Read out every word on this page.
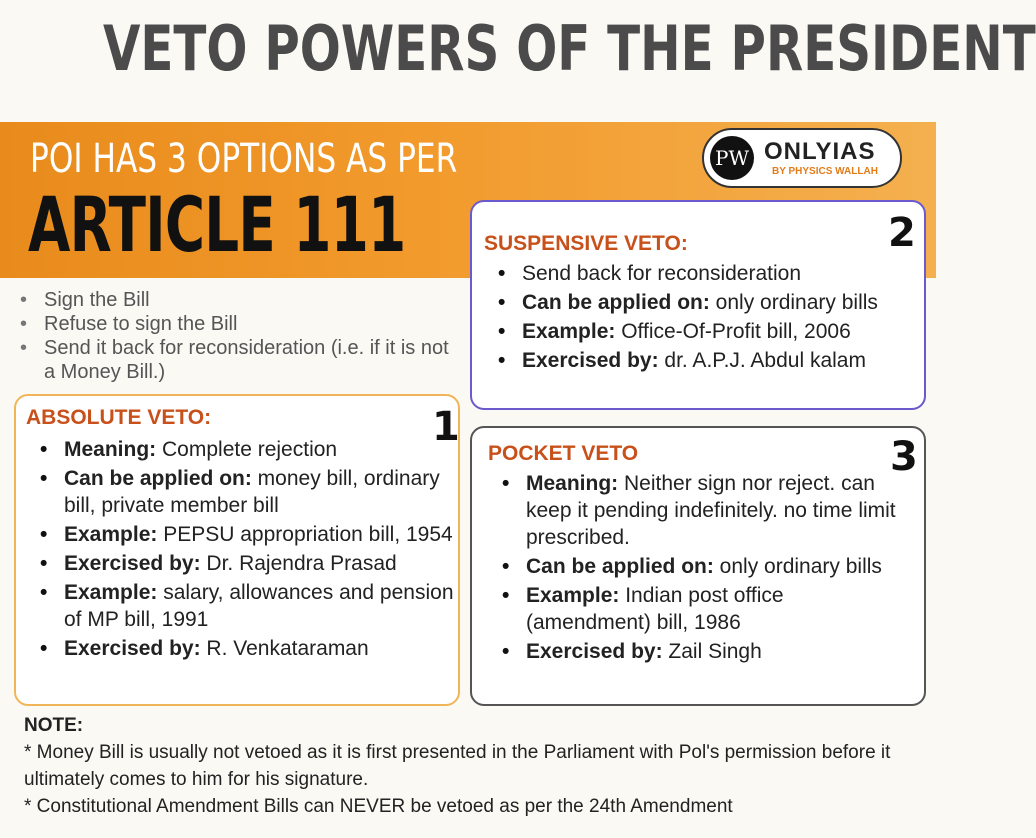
VETO POWERS OF THE PRESIDENT
POI HAS 3 OPTIONS AS PER
ARTICLE 111
PW ONLYIAS
BY PHYSICS WALLAH
• Sign the Bill
• Refuse to sign the Bill
• Send it back for reconsideration (i.e. if it is not a Money Bill.)
SUSPENSIVE VETO:	2
• Send back for reconsideration
• Can be applied on: only ordinary bills
• Example: Office-Of-Profit bill, 2006
• Exercised by: dr. A.P.J. Abdul kalam
ABSOLUTE VETO:	1
• Meaning: Complete rejection
• Can be applied on: money bill, ordinary bill, private member bill
• Example: PEPSU appropriation bill, 1954
• Exercised by: Dr. Rajendra Prasad
• Example: salary, allowances and pension of MP bill, 1991
• Exercised by: R. Venkataraman
POCKET VETO	3
• Meaning: Neither sign nor reject. can keep it pending indefinitely. no time limit prescribed.
• Can be applied on: only ordinary bills
• Example: Indian post office (amendment) bill, 1986
• Exercised by: Zail Singh
NOTE:
* Money Bill is usually not vetoed as it is first presented in the Parliament with Pol's permission before it ultimately comes to him for his signature.
* Constitutional Amendment Bills can NEVER be vetoed as per the 24th Amendment
